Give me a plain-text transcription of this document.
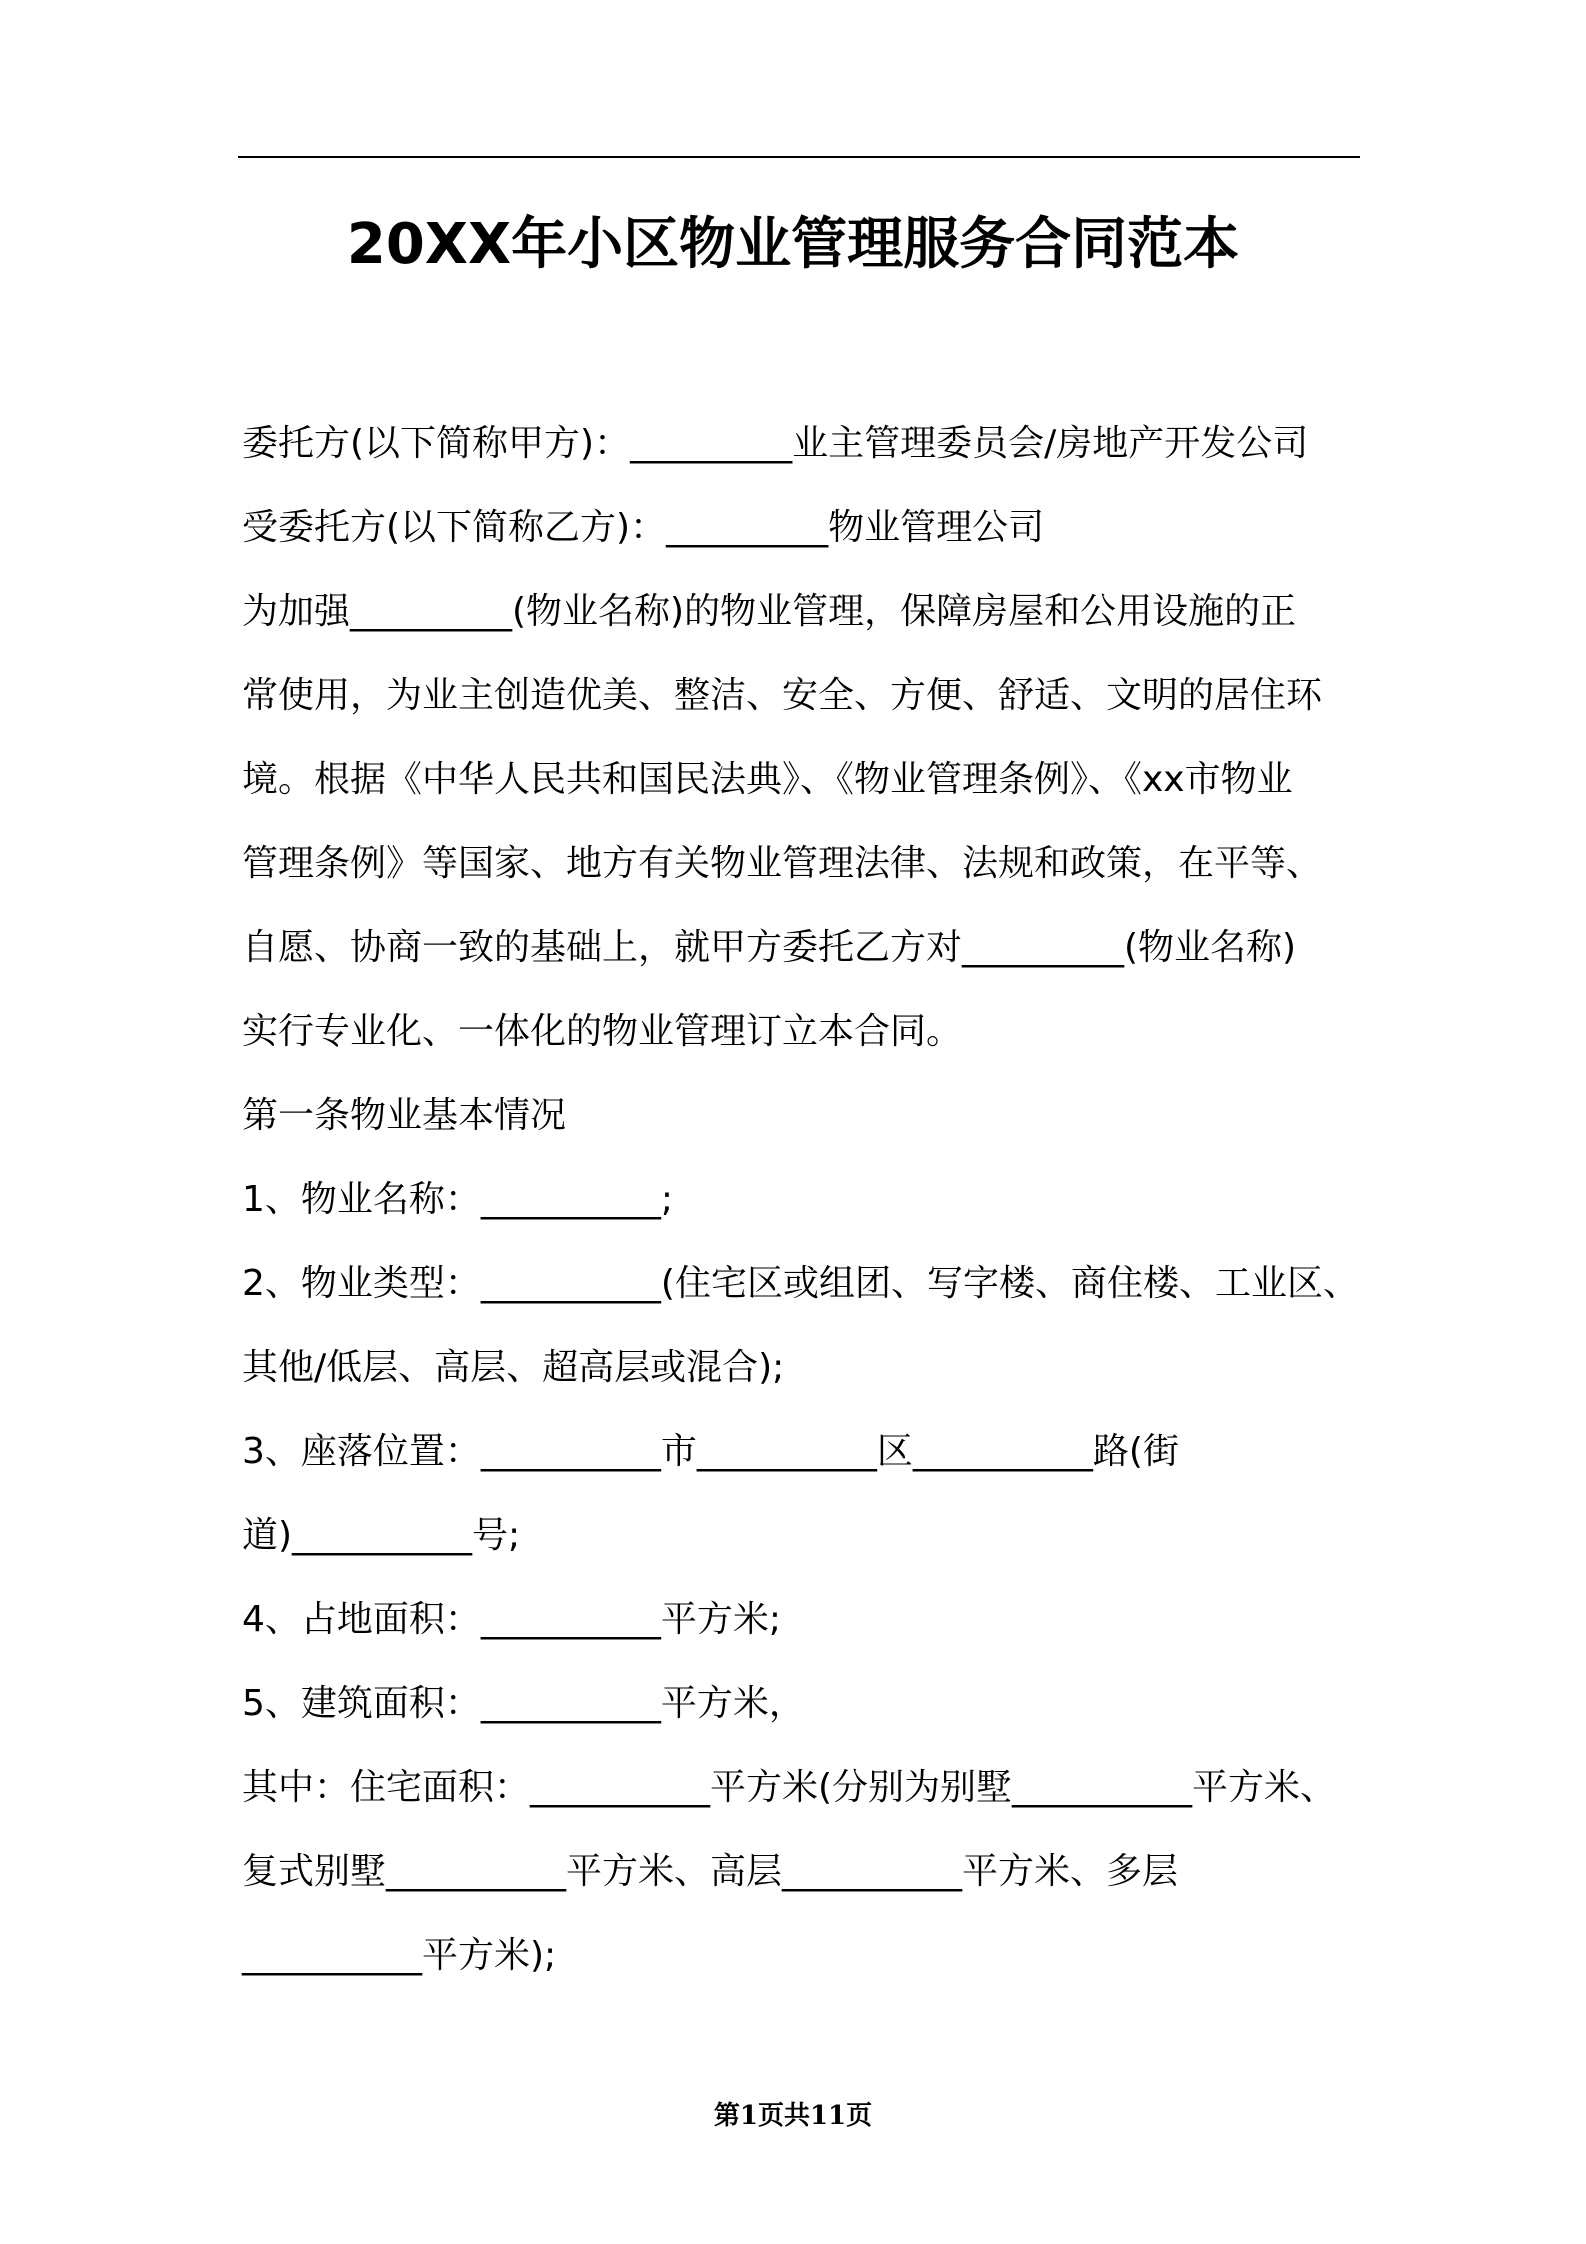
20XX年小区物业管理服务合同范本
委托方(以下简称甲方)：_________业主管理委员会/房地产开发公司
受委托方(以下简称乙方)：_________物业管理公司
为加强_________(物业名称)的物业管理，保障房屋和公用设施的正
常使用，为业主创造优美、整洁、安全、方便、舒适、文明的居住环
境。根据《中华人民共和国民法典》、《物业管理条例》、《xx市物业
管理条例》等国家、地方有关物业管理法律、法规和政策，在平等、
自愿、协商一致的基础上，就甲方委托乙方对_________(物业名称)
实行专业化、一体化的物业管理订立本合同。
第一条物业基本情况
1、物业名称：__________;
2、物业类型：__________(住宅区或组团、写字楼、商住楼、工业区、
其他/低层、高层、超高层或混合);
3、座落位置：__________市__________区__________路(街
道)__________号;
4、占地面积：__________平方米;
5、建筑面积：__________平方米，
其中：住宅面积：__________平方米(分别为别墅__________平方米、
复式别墅__________平方米、高层__________平方米、多层
__________平方米);
第1页共11页
